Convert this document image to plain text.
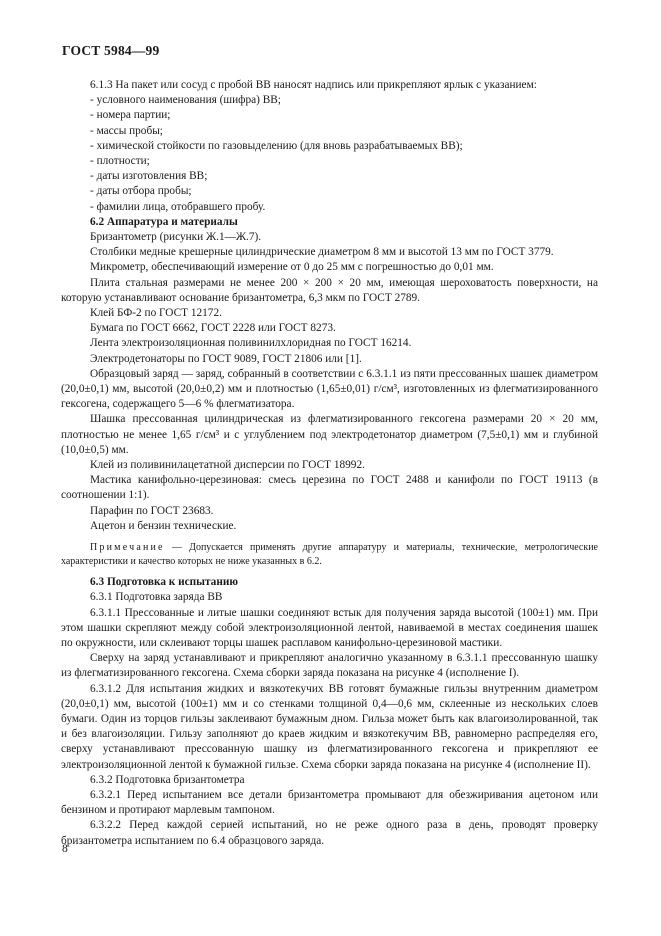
ГОСТ 5984—99

6.1.3 На пакет или сосуд с пробой ВВ наносят надпись или прикрепляют ярлык с указанием:

- условного наименования (шифра) ВВ;

- номера партии;

- массы пробы;

- химической стойкости по газовыделению (для вновь разрабатываемых ВВ);

- плотности;

- даты изготовления ВВ;

- даты отбора пробы;

- фамилии лица, отобравшего пробу.

6.2 Аппаратура и материалы

Бризантометр (рисунки Ж.1—Ж.7).

Столбики медные крешерные цилиндрические диаметром 8 мм и высотой 13 мм по ГОСТ 3779.

Микрометр, обеспечивающий измерение от 0 до 25 мм с погрешностью до 0,01 мм.

Плита стальная размерами не менее 200 × 200 × 20 мм, имеющая шероховатость поверхности, на которую устанавливают основание бризантометра, 6,3 мкм по ГОСТ 2789.

Клей БФ-2 по ГОСТ 12172.

Бумага по ГОСТ 6662, ГОСТ 2228 или ГОСТ 8273.

Лента электроизоляционная поливинилхлоридная по ГОСТ 16214.

Электродетонаторы по ГОСТ 9089, ГОСТ 21806 или [1].

Образцовый заряд — заряд, собранный в соответствии с 6.3.1.1 из пяти прессованных шашек диаметром (20,0±0,1) мм, высотой (20,0±0,2) мм и плотностью (1,65±0,01) г/см³, изготовленных из флегматизированного гексогена, содержащего 5—6 % флегматизатора.

Шашка прессованная цилиндрическая из флегматизированного гексогена размерами 20 × 20 мм, плотностью не менее 1,65 г/см³ и с углублением под электродетонатор диаметром (7,5±0,1) мм и глубиной (10,0±0,5) мм.

Клей из поливинилацетатной дисперсии по ГОСТ 18992.

Мастика канифольно-церезиновая: смесь церезина по ГОСТ 2488 и канифоли по ГОСТ 19113 (в соотношении 1:1).

Парафин по ГОСТ 23683.

Ацетон и бензин технические.

Примечание — Допускается применять другие аппаратуру и материалы, технические, метрологические характеристики и качество которых не ниже указанных в 6.2.

6.3 Подготовка к испытанию

6.3.1 Подготовка заряда ВВ

6.3.1.1 Прессованные и литые шашки соединяют встык для получения заряда высотой (100±1) мм. При этом шашки скрепляют между собой электроизоляционной лентой, навиваемой в местах соединения шашек по окружности, или склеивают торцы шашек расплавом канифольно-церезиновой мастики.

Сверху на заряд устанавливают и прикрепляют аналогично указанному в 6.3.1.1 прессованную шашку из флегматизированного гексогена. Схема сборки заряда показана на рисунке 4 (исполнение I).

6.3.1.2 Для испытания жидких и вязкотекучих ВВ готовят бумажные гильзы внутренним диаметром (20,0±0,1) мм, высотой (100±1) мм и со стенками толщиной 0,4—0,6 мм, склеенные из нескольких слоев бумаги. Один из торцов гильзы заклеивают бумажным дном. Гильза может быть как влагоизолированной, так и без влагоизоляции. Гильзу заполняют до краев жидким и вязкотекучим ВВ, равномерно распределяя его, сверху устанавливают прессованную шашку из флегматизированного гексогена и прикрепляют ее электроизоляционной лентой к бумажной гильзе. Схема сборки заряда показана на рисунке 4 (исполнение II).

6.3.2 Подготовка бризантометра

6.3.2.1 Перед испытанием все детали бризантометра промывают для обезжиривания ацетоном или бензином и протирают марлевым тампоном.

6.3.2.2 Перед каждой серией испытаний, но не реже одного раза в день, проводят проверку бризантометра испытанием по 6.4 образцового заряда.

8
